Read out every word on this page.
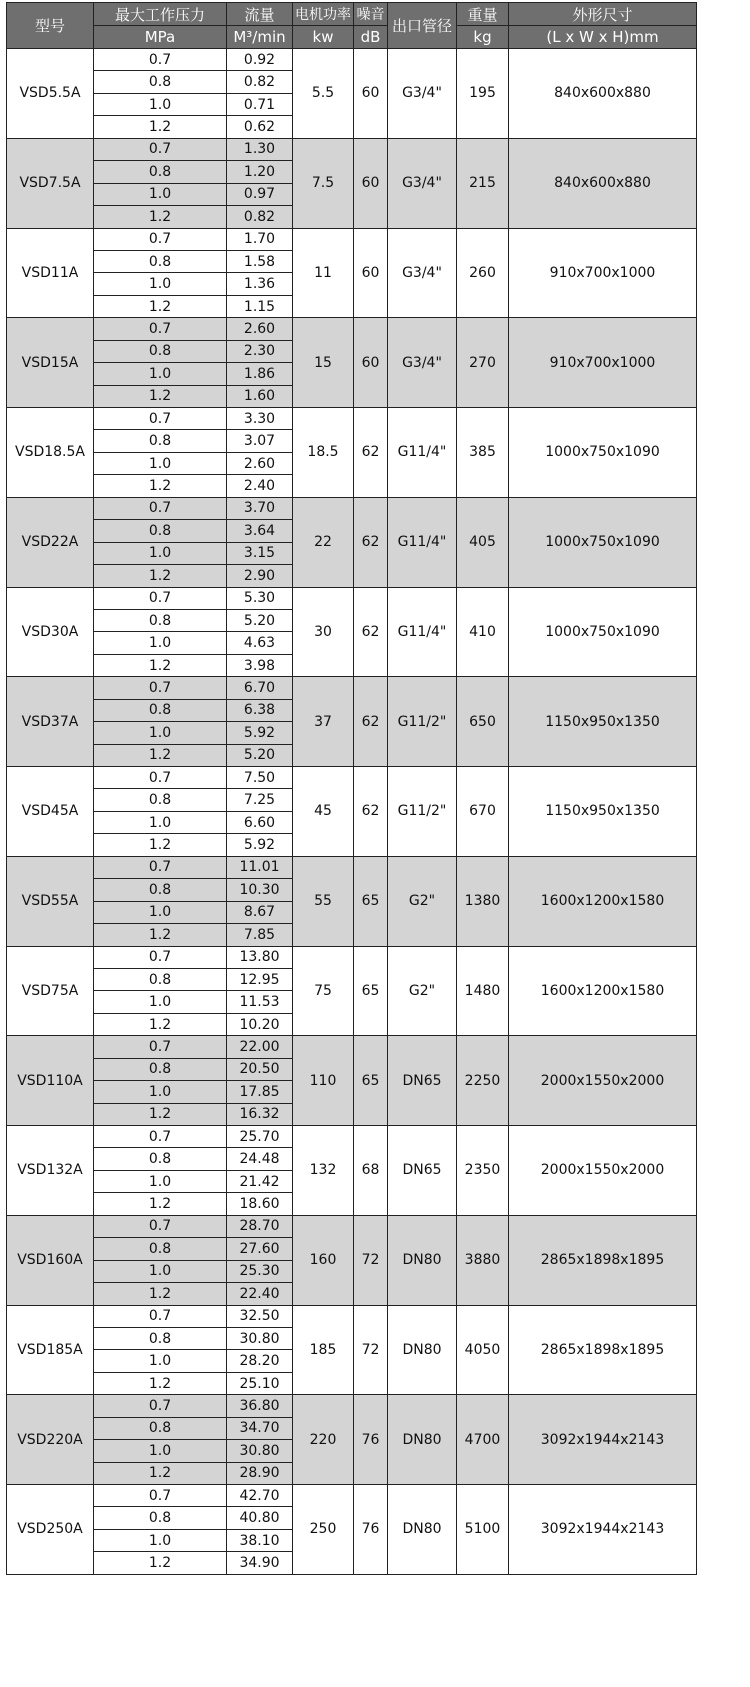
型号	最大工作压力	流量	电机功率	噪音	出口管径	重量	外形尺寸
	MPa	M³/min	kw	dB		kg	(L x W x H)mm
VSD5.5A	0.7	0.92	5.5	60	G3/4"	195	840x600x880
	0.8	0.82					
	1.0	0.71					
	1.2	0.62					
VSD7.5A	0.7	1.30	7.5	60	G3/4"	215	840x600x880
	0.8	1.20					
	1.0	0.97					
	1.2	0.82					
VSD11A	0.7	1.70	11	60	G3/4"	260	910x700x1000
	0.8	1.58					
	1.0	1.36					
	1.2	1.15					
VSD15A	0.7	2.60	15	60	G3/4"	270	910x700x1000
	0.8	2.30					
	1.0	1.86					
	1.2	1.60					
VSD18.5A	0.7	3.30	18.5	62	G11/4"	385	1000x750x1090
	0.8	3.07					
	1.0	2.60					
	1.2	2.40					
VSD22A	0.7	3.70	22	62	G11/4"	405	1000x750x1090
	0.8	3.64					
	1.0	3.15					
	1.2	2.90					
VSD30A	0.7	5.30	30	62	G11/4"	410	1000x750x1090
	0.8	5.20					
	1.0	4.63					
	1.2	3.98					
VSD37A	0.7	6.70	37	62	G11/2"	650	1150x950x1350
	0.8	6.38					
	1.0	5.92					
	1.2	5.20					
VSD45A	0.7	7.50	45	62	G11/2"	670	1150x950x1350
	0.8	7.25					
	1.0	6.60					
	1.2	5.92					
VSD55A	0.7	11.01	55	65	G2"	1380	1600x1200x1580
	0.8	10.30					
	1.0	8.67					
	1.2	7.85					
VSD75A	0.7	13.80	75	65	G2"	1480	1600x1200x1580
	0.8	12.95					
	1.0	11.53					
	1.2	10.20					
VSD110A	0.7	22.00	110	65	DN65	2250	2000x1550x2000
	0.8	20.50					
	1.0	17.85					
	1.2	16.32					
VSD132A	0.7	25.70	132	68	DN65	2350	2000x1550x2000
	0.8	24.48					
	1.0	21.42					
	1.2	18.60					
VSD160A	0.7	28.70	160	72	DN80	3880	2865x1898x1895
	0.8	27.60					
	1.0	25.30					
	1.2	22.40					
VSD185A	0.7	32.50	185	72	DN80	4050	2865x1898x1895
	0.8	30.80					
	1.0	28.20					
	1.2	25.10					
VSD220A	0.7	36.80	220	76	DN80	4700	3092x1944x2143
	0.8	34.70					
	1.0	30.80					
	1.2	28.90					
VSD250A	0.7	42.70	250	76	DN80	5100	3092x1944x2143
	0.8	40.80					
	1.0	38.10					
	1.2	34.90					
